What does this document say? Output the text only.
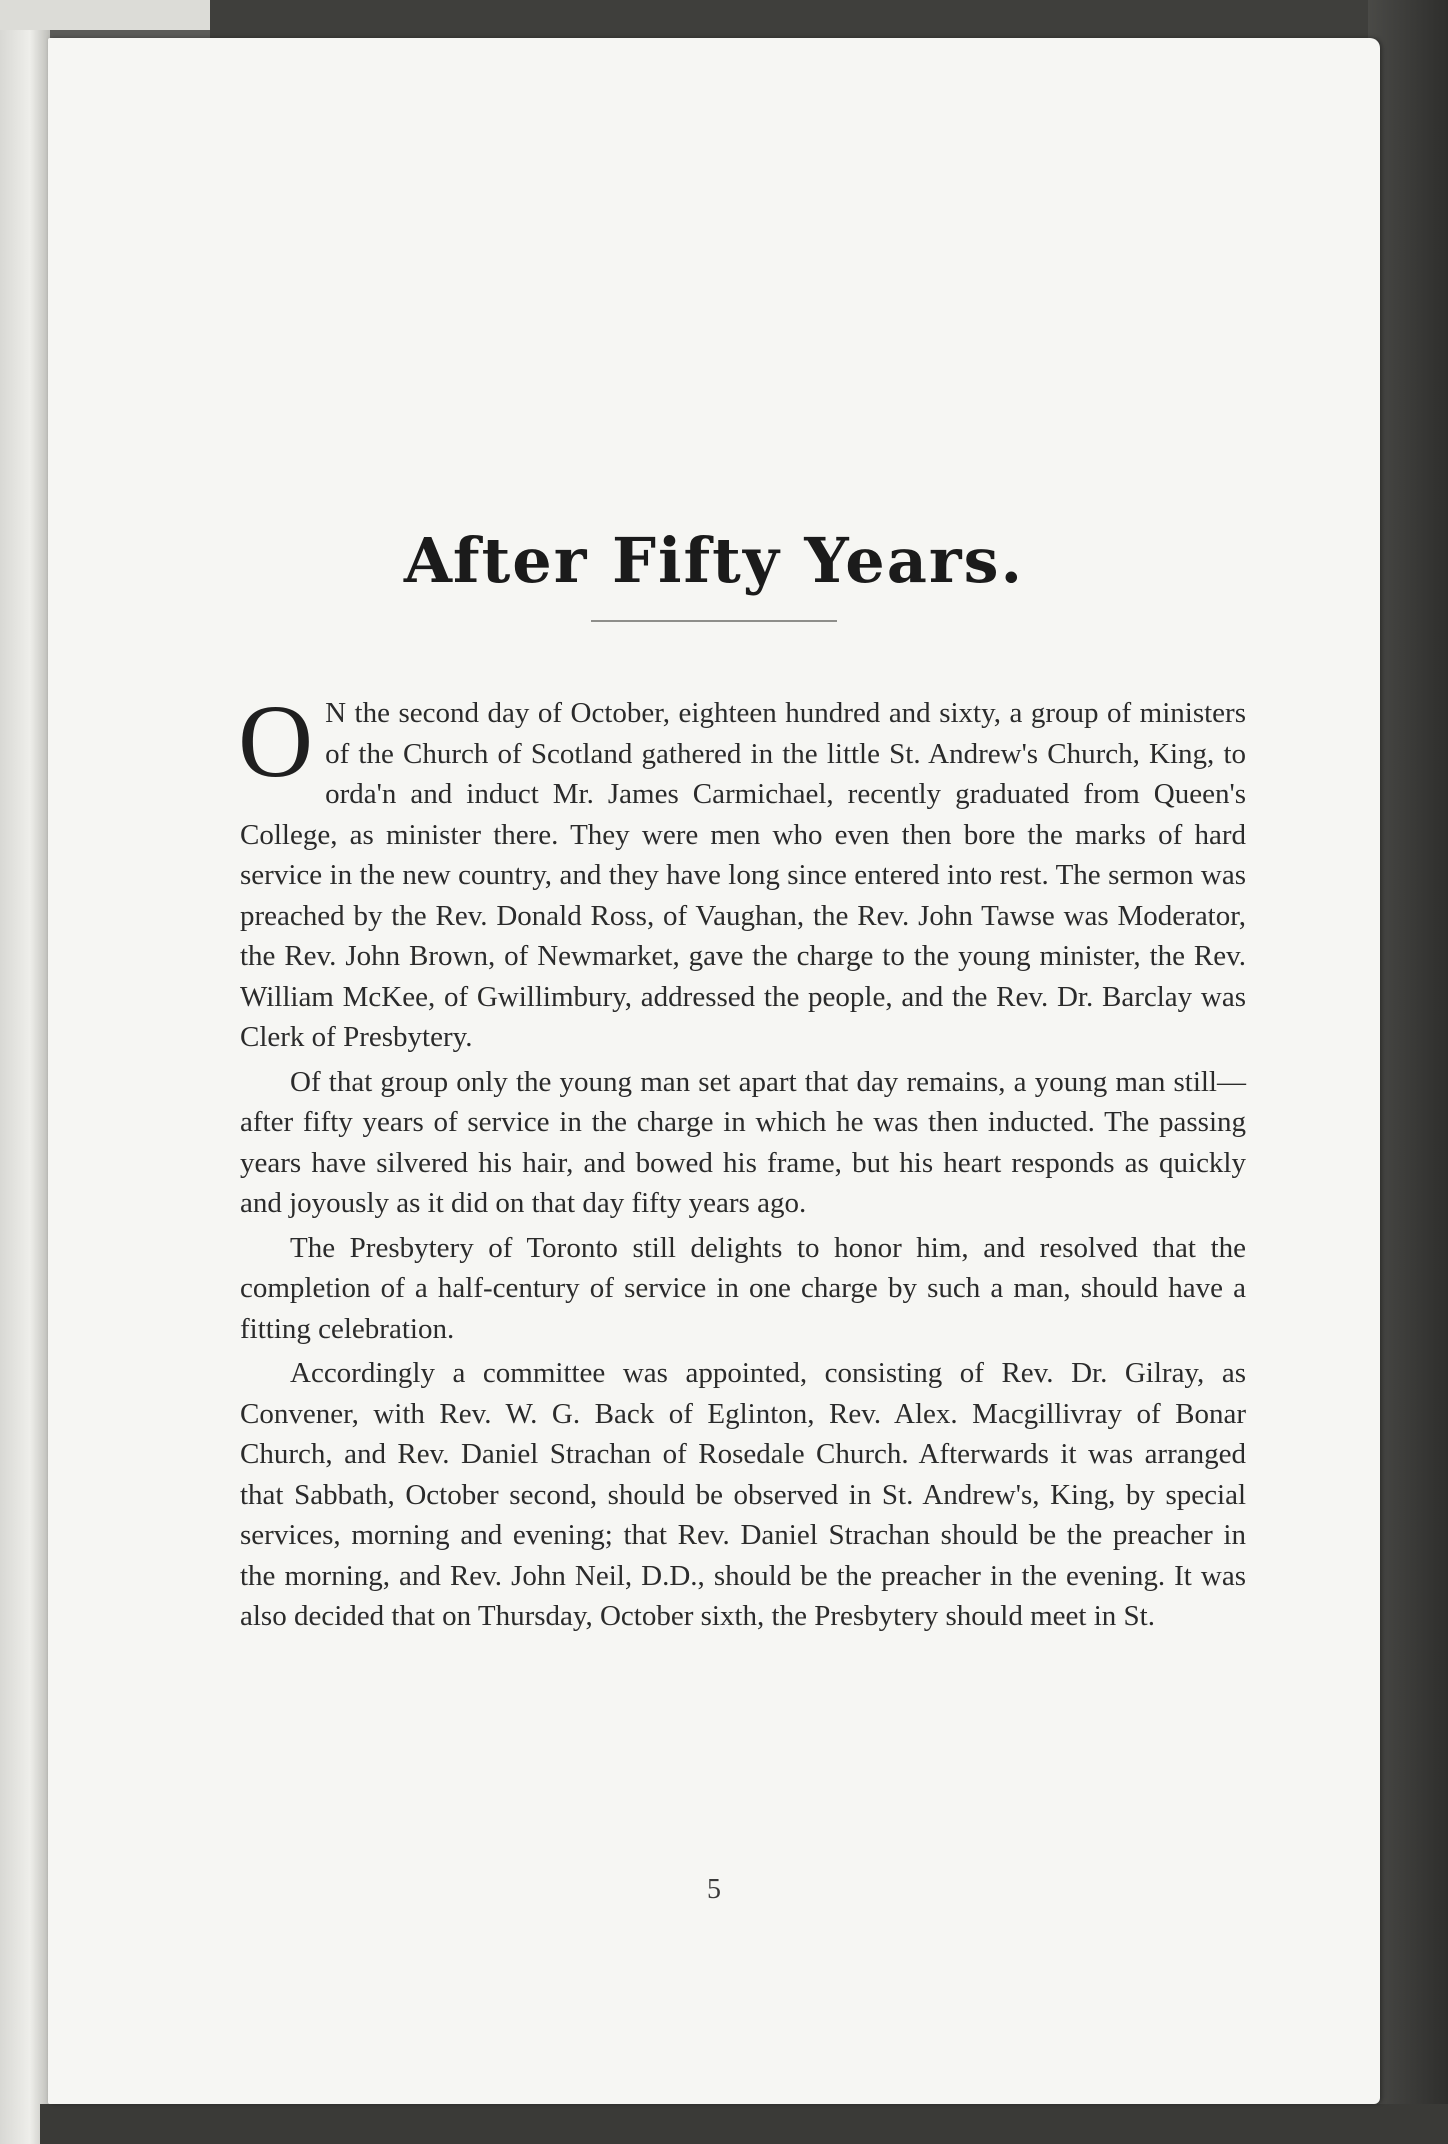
After Fifty Years.

O N the second day of October, eighteen hundred and sixty, a group of ministers of the Church of Scotland gathered in the little St. Andrew's Church, King, to orda'n and induct Mr. James Carmichael, recently graduated from Queen's College, as minister there. They were men who even then bore the marks of hard service in the new country, and they have long since entered into rest. The sermon was preached by the Rev. Donald Ross, of Vaughan, the Rev. John Tawse was Moderator, the Rev. John Brown, of Newmarket, gave the charge to the young minister, the Rev. William McKee, of Gwillimbury, addressed the people, and the Rev. Dr. Barclay was Clerk of Presbytery.

Of that group only the young man set apart that day remains, a young man still—after fifty years of service in the charge in which he was then inducted. The passing years have silvered his hair, and bowed his frame, but his heart responds as quickly and joyously as it did on that day fifty years ago.

The Presbytery of Toronto still delights to honor him, and resolved that the completion of a half-century of service in one charge by such a man, should have a fitting celebration.

Accordingly a committee was appointed, consisting of Rev. Dr. Gilray, as Convener, with Rev. W. G. Back of Eglinton, Rev. Alex. Macgillivray of Bonar Church, and Rev. Daniel Strachan of Rosedale Church. Afterwards it was arranged that Sabbath, October second, should be observed in St. Andrew's, King, by special services, morning and evening; that Rev. Daniel Strachan should be the preacher in the morning, and Rev. John Neil, D.D., should be the preacher in the evening. It was also decided that on Thursday, October sixth, the Presbytery should meet in St.

5
